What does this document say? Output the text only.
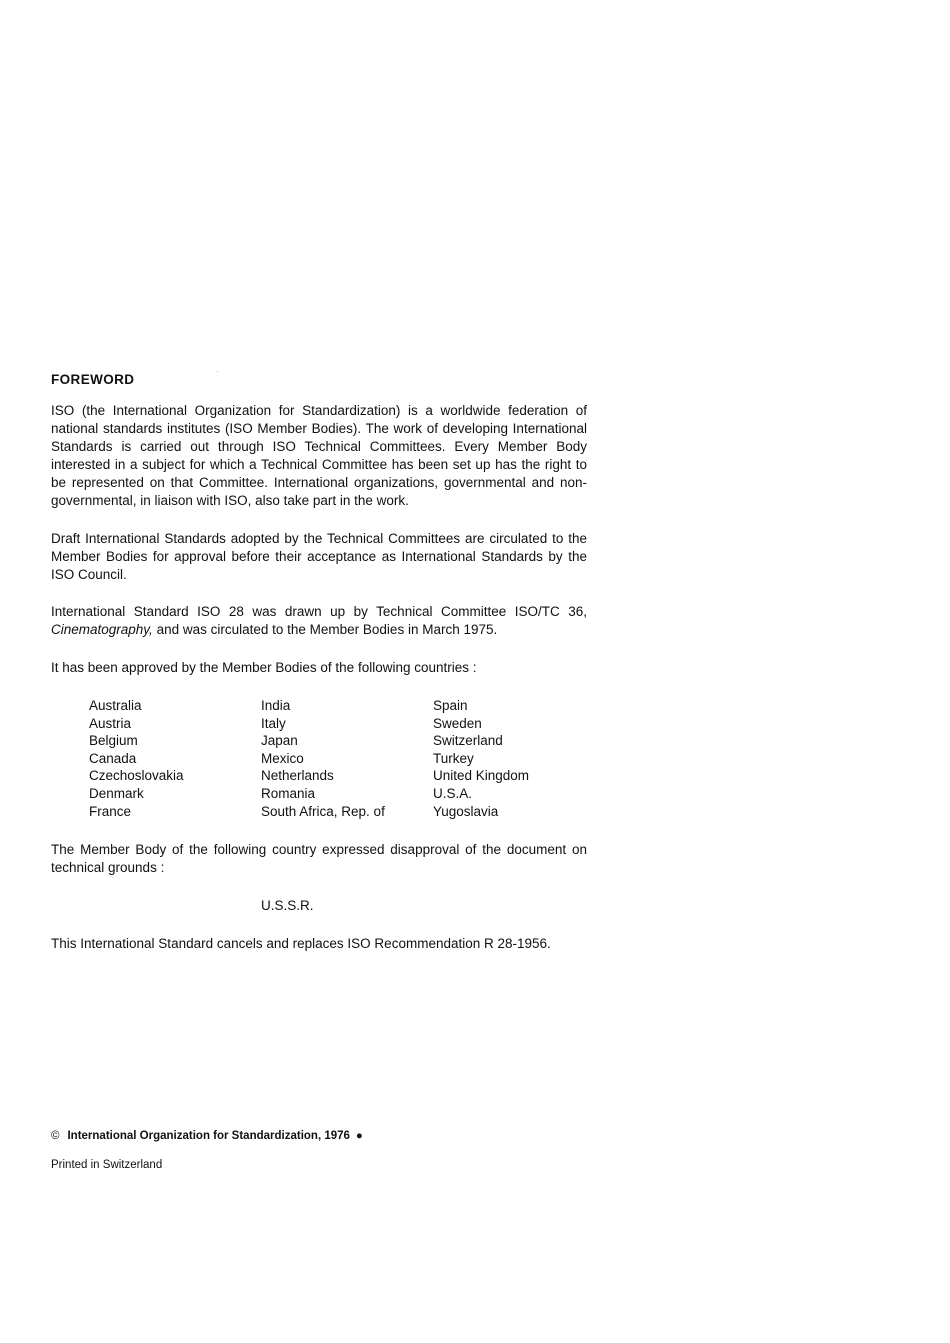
FOREWORD

ISO (the International Organization for Standardization) is a worldwide federation of national standards institutes (ISO Member Bodies). The work of developing International Standards is carried out through ISO Technical Committees. Every Member Body interested in a subject for which a Technical Committee has been set up has the right to be represented on that Committee. International organizations, governmental and non-governmental, in liaison with ISO, also take part in the work.

Draft International Standards adopted by the Technical Committees are circulated to the Member Bodies for approval before their acceptance as International Standards by the ISO Council.

International Standard ISO 28 was drawn up by Technical Committee ISO/TC 36, Cinematography, and was circulated to the Member Bodies in March 1975.

It has been approved by the Member Bodies of the following countries :

Australia
Austria
Belgium
Canada
Czechoslovakia
Denmark
France
India
Italy
Japan
Mexico
Netherlands
Romania
South Africa, Rep. of
Spain
Sweden
Switzerland
Turkey
United Kingdom
U.S.A.
Yugoslavia

The Member Body of the following country expressed disapproval of the document on technical grounds :

U.S.S.R.

This International Standard cancels and replaces ISO Recommendation R 28-1956.

© International Organization for Standardization, 1976 ●
Printed in Switzerland
